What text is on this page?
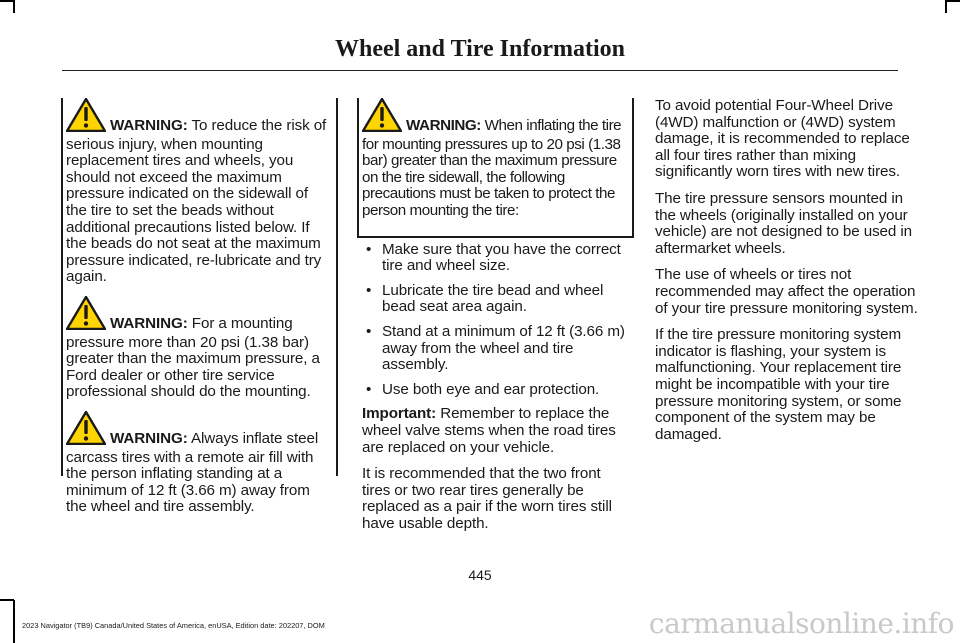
Wheel and Tire Information

WARNING: To reduce the risk of serious injury, when mounting replacement tires and wheels, you should not exceed the maximum pressure indicated on the sidewall of the tire to set the beads without additional precautions listed below. If the beads do not seat at the maximum pressure indicated, re-lubricate and try again.

WARNING: For a mounting pressure more than 20 psi (1.38 bar) greater than the maximum pressure, a Ford dealer or other tire service professional should do the mounting.

WARNING: Always inflate steel carcass tires with a remote air fill with the person inflating standing at a minimum of 12 ft (3.66 m) away from the wheel and tire assembly.

WARNING: When inflating the tire for mounting pressures up to 20 psi (1.38 bar) greater than the maximum pressure on the tire sidewall, the following precautions must be taken to protect the person mounting the tire:

• Make sure that you have the correct tire and wheel size.
• Lubricate the tire bead and wheel bead seat area again.
• Stand at a minimum of 12 ft (3.66 m) away from the wheel and tire assembly.
• Use both eye and ear protection.

Important: Remember to replace the wheel valve stems when the road tires are replaced on your vehicle.

It is recommended that the two front tires or two rear tires generally be replaced as a pair if the worn tires still have usable depth.

To avoid potential Four-Wheel Drive (4WD) malfunction or (4WD) system damage, it is recommended to replace all four tires rather than mixing significantly worn tires with new tires.

The tire pressure sensors mounted in the wheels (originally installed on your vehicle) are not designed to be used in aftermarket wheels.

The use of wheels or tires not recommended may affect the operation of your tire pressure monitoring system.

If the tire pressure monitoring system indicator is flashing, your system is malfunctioning. Your replacement tire might be incompatible with your tire pressure monitoring system, or some component of the system may be damaged.

445
2023 Navigator (TB9) Canada/United States of America, enUSA, Edition date: 202207, DOM	carmanualsonline.info
